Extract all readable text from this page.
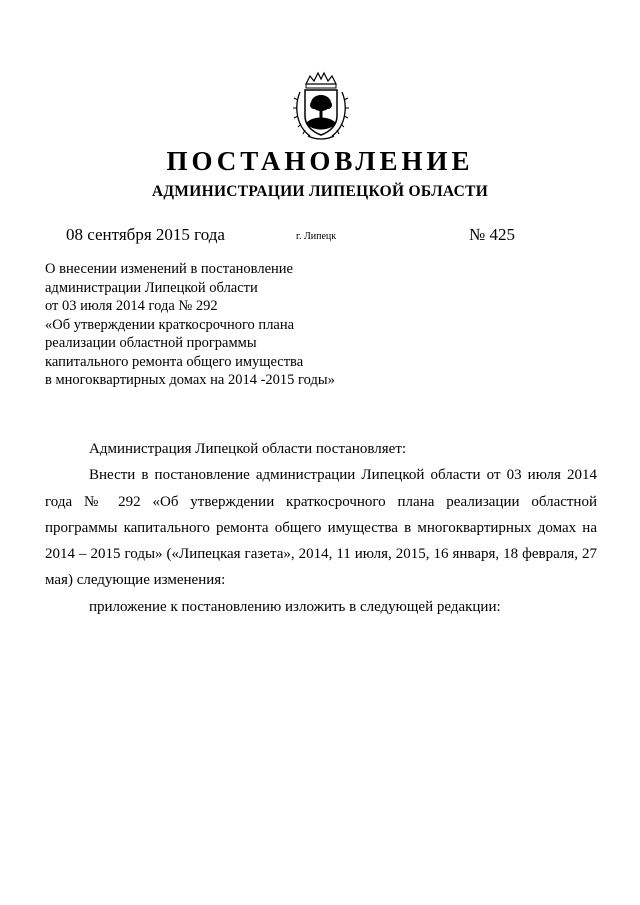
ПОСТАНОВЛЕНИЕ
АДМИНИСТРАЦИИ ЛИПЕЦКОЙ ОБЛАСТИ
08 сентября 2015 года	г. Липецк	№ 425
О внесении изменений в постановление
администрации Липецкой области
от 03 июля 2014 года № 292
«Об утверждении краткосрочного плана
реализации областной программы
капитального ремонта общего имущества
в многоквартирных домах на 2014 -2015 годы»

Администрация Липецкой области постановляет:

Внести в постановление администрации Липецкой области от 03 июля 2014 года № 292 «Об утверждении краткосрочного плана реализации областной программы капитального ремонта общего имущества в многоквартирных домах на 2014 – 2015 годы» («Липецкая газета», 2014, 11 июля, 2015, 16 января, 18 февраля, 27 мая) следующие изменения:

приложение к постановлению изложить в следующей редакции:
